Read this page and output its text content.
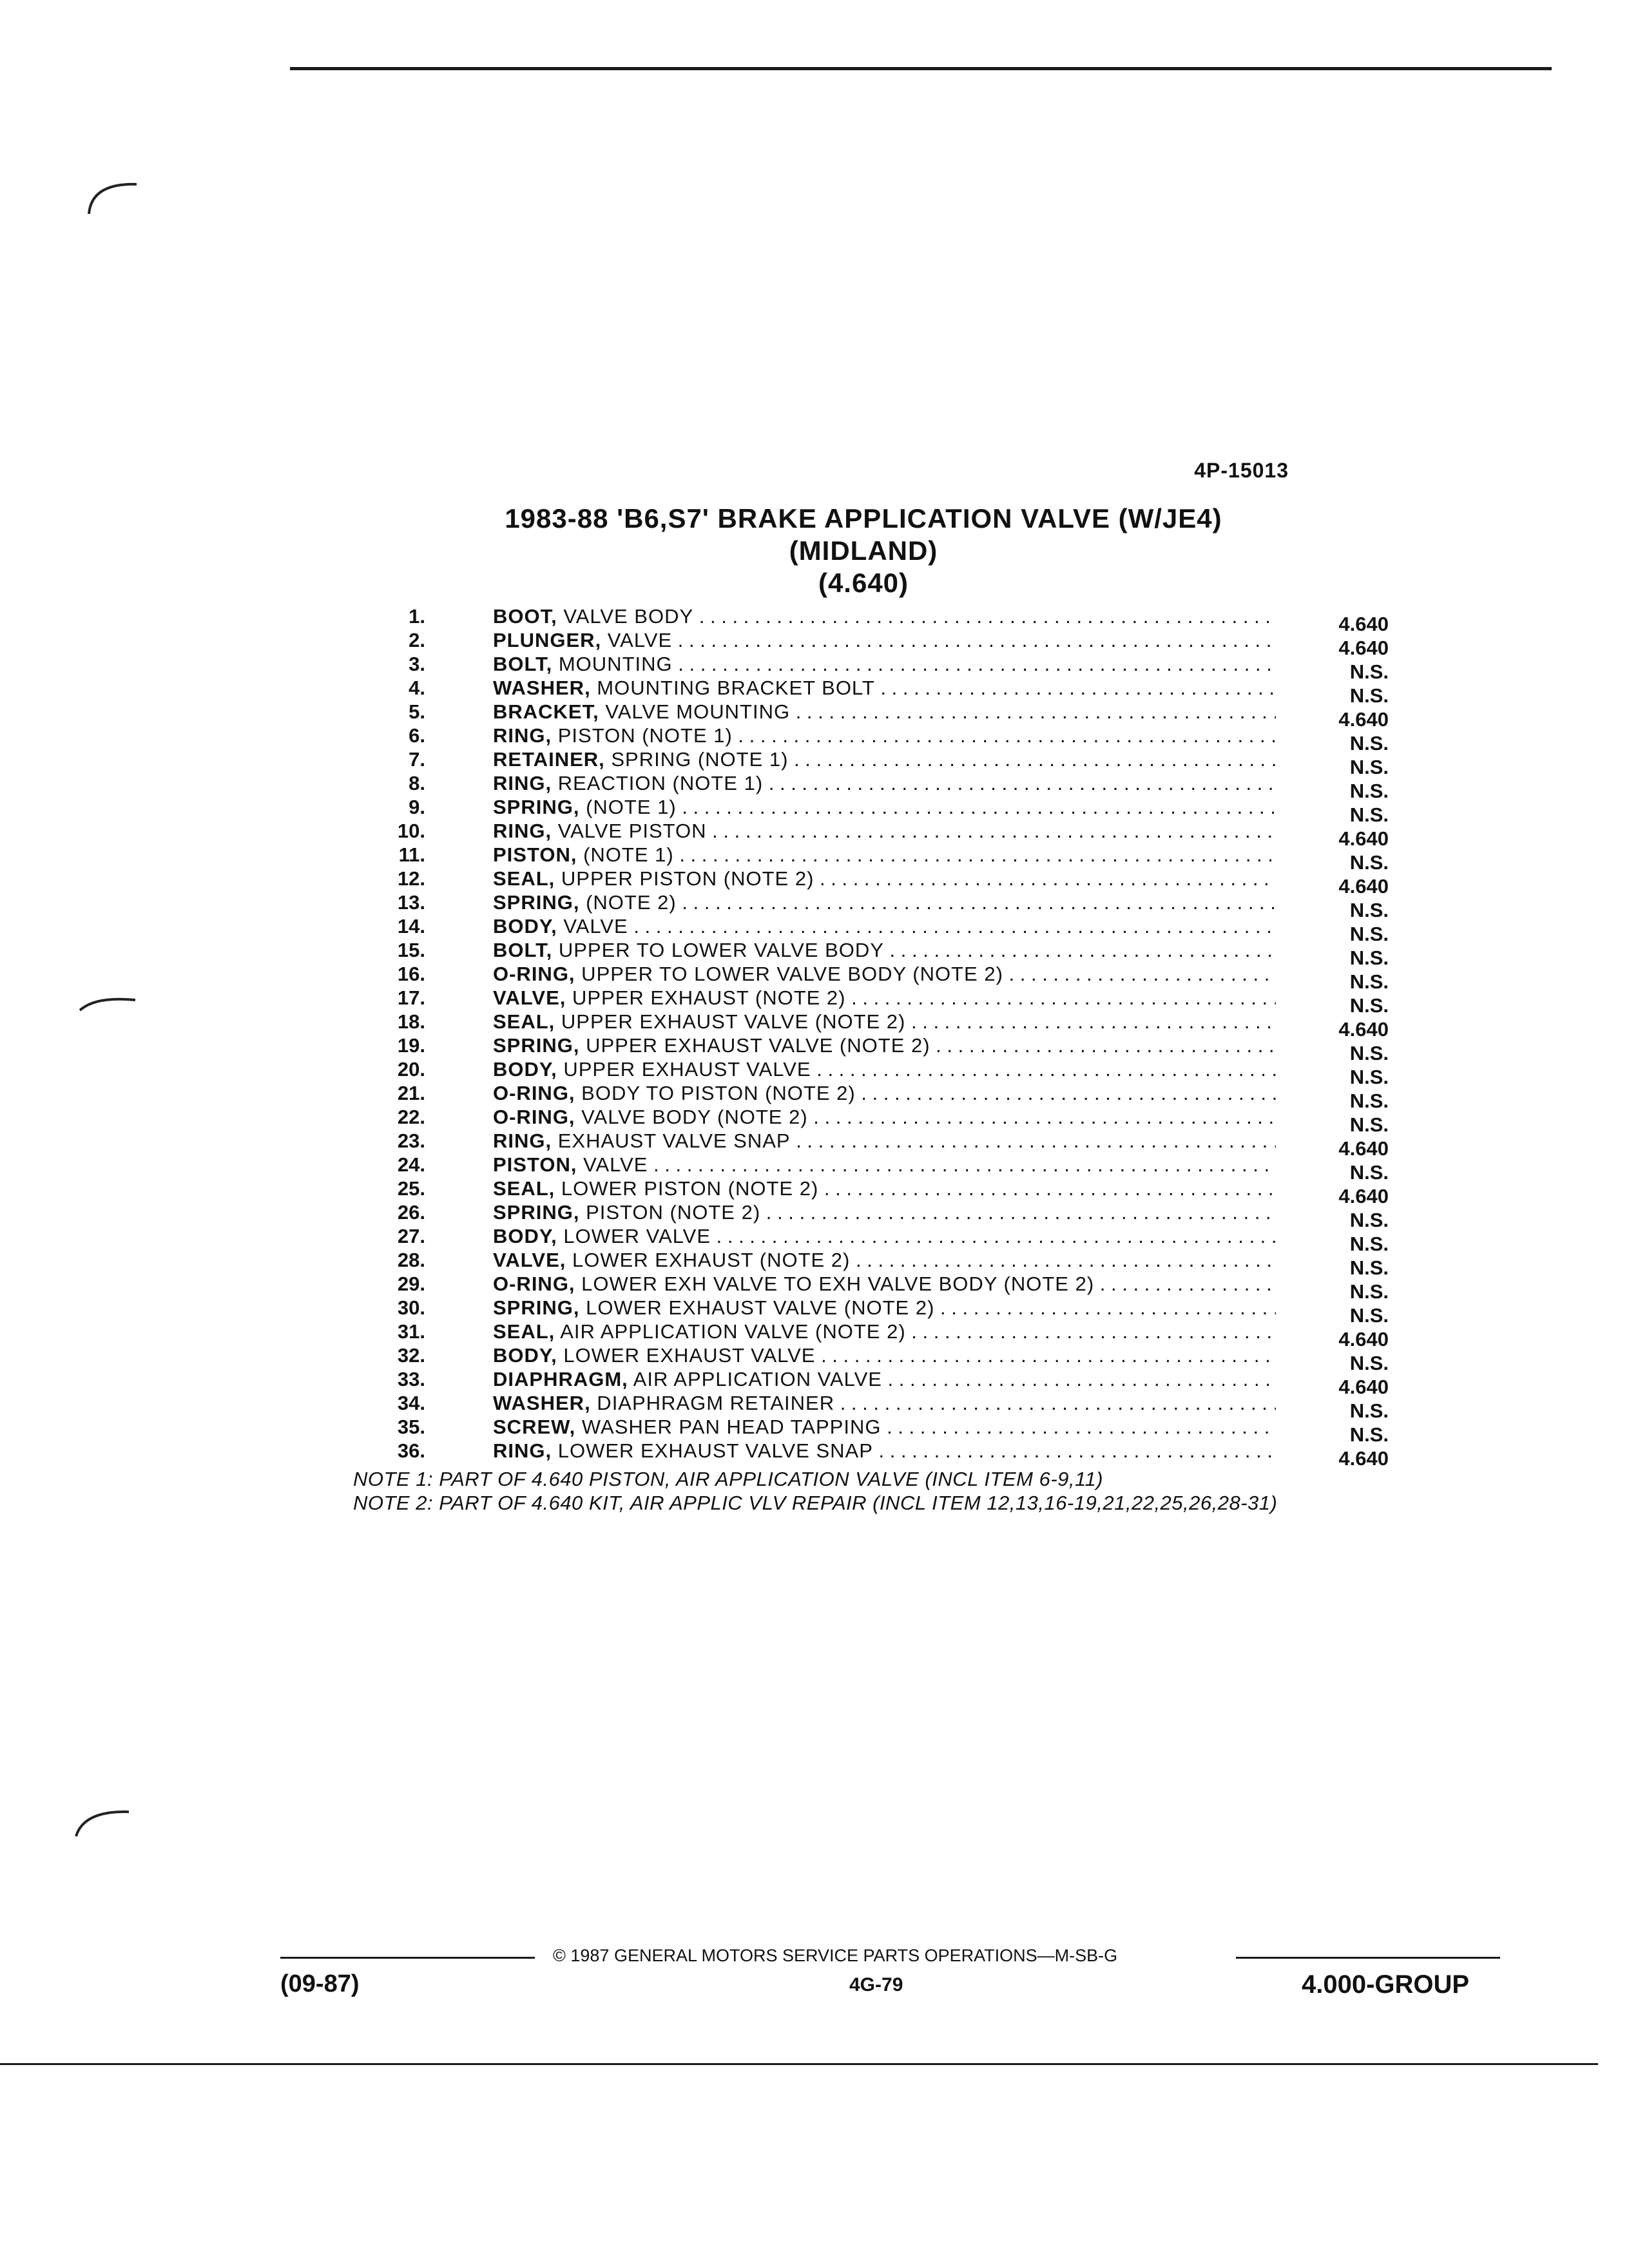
4P-15013
1983-88 'B6,S7' BRAKE APPLICATION VALVE (W/JE4)
(MIDLAND)
(4.640)
1.	BOOT, VALVE BODY . . .	4.640
2.	PLUNGER, VALVE . . .	4.640
3.	BOLT, MOUNTING . . .	N.S.
4.	WASHER, MOUNTING BRACKET BOLT . . .	N.S.
5.	BRACKET, VALVE MOUNTING . . .	4.640
6.	RING, PISTON (NOTE 1) . . .	N.S.
7.	RETAINER, SPRING (NOTE 1) . . .	N.S.
8.	RING, REACTION (NOTE 1) . . .	N.S.
9.	SPRING, (NOTE 1) . . .	N.S.
10.	RING, VALVE PISTON . . .	4.640
11.	PISTON, (NOTE 1) . . .	N.S.
12.	SEAL, UPPER PISTON (NOTE 2) . . .	4.640
13.	SPRING, (NOTE 2) . . .	N.S.
14.	BODY, VALVE . . .	N.S.
15.	BOLT, UPPER TO LOWER VALVE BODY . . .	N.S.
16.	O-RING, UPPER TO LOWER VALVE BODY (NOTE 2) . . .	N.S.
17.	VALVE, UPPER EXHAUST (NOTE 2) . . .	N.S.
18.	SEAL, UPPER EXHAUST VALVE (NOTE 2) . . .	4.640
19.	SPRING, UPPER EXHAUST VALVE (NOTE 2) . . .	N.S.
20.	BODY, UPPER EXHAUST VALVE . . .	N.S.
21.	O-RING, BODY TO PISTON (NOTE 2) . . .	N.S.
22.	O-RING, VALVE BODY (NOTE 2) . . .	N.S.
23.	RING, EXHAUST VALVE SNAP . . .	4.640
24.	PISTON, VALVE . . .	N.S.
25.	SEAL, LOWER PISTON (NOTE 2) . . .	4.640
26.	SPRING, PISTON (NOTE 2) . . .	N.S.
27.	BODY, LOWER VALVE . . .	N.S.
28.	VALVE, LOWER EXHAUST (NOTE 2) . . .	N.S.
29.	O-RING, LOWER EXH VALVE TO EXH VALVE BODY (NOTE 2) . . .	N.S.
30.	SPRING, LOWER EXHAUST VALVE (NOTE 2) . . .	N.S.
31.	SEAL, AIR APPLICATION VALVE (NOTE 2) . . .	4.640
32.	BODY, LOWER EXHAUST VALVE . . .	N.S.
33.	DIAPHRAGM, AIR APPLICATION VALVE . . .	4.640
34.	WASHER, DIAPHRAGM RETAINER . . .	N.S.
35.	SCREW, WASHER PAN HEAD TAPPING . . .	N.S.
36.	RING, LOWER EXHAUST VALVE SNAP . . .	4.640
NOTE 1: PART OF 4.640 PISTON, AIR APPLICATION VALVE (INCL ITEM 6-9,11)
NOTE 2: PART OF 4.640 KIT, AIR APPLIC VLV REPAIR (INCL ITEM 12,13,16-19,21,22,25,26,28-31)
© 1987 GENERAL MOTORS SERVICE PARTS OPERATIONS—M-SB-G
(09-87)	4G-79	4.000-GROUP
